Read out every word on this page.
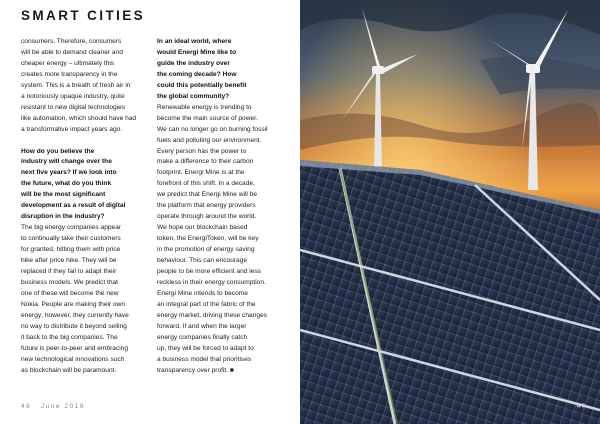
SMART CITIES
consumers. Therefore, consumers
will be able to demand cleaner and
cheaper energy – ultimately this
creates more transparency in the
system. This is a breath of fresh air in
a notoriously opaque industry, quite
resistant to new digital technologies
like automation, which should have had
a transformative impact years ago.
How do you believe the
industry will change over the
next five years? If we look into
the future, what do you think
will be the most significant
development as a result of digital
disruption in the industry?
The big energy companies appear
to continually take their customers
for granted, hitting them with price
hike after price hike. They will be
replaced if they fail to adapt their
business models. We predict that
one of these will become the new
Nokia. People are making their own
energy; however, they currently have
no way to distribute it beyond selling
it back to the big companies. The
future is peer-to-peer and embracing
new technological innovations such
as blockchain will be paramount.
In an ideal world, where
would Energi Mine like to
guide the industry over
the coming decade? How
could this potentially benefit
the global community?
Renewable energy is trending to
become the main source of power.
We can no longer go on burning fossil
fuels and polluting our environment.
Every person has the power to
make a difference to their carbon
footprint. Energi Mine is at the
forefront of this shift. In a decade,
we predict that Energi Mine will be
the platform that energy providers
operate through around the world.
We hope our blockchain based
token, the EnergiToken, will be key
in the promotion of energy saving
behaviour. This can encourage
people to be more efficient and less
reckless in their energy consumption.
Energi Mine intends to become
an integral part of the fabric of the
energy market, driving these changes
forward. If and when the larger
energy companies finally catch
up, they will be forced to adapt to
a business model that prioritises
transparency over profit. ■
46 June 2018	47
